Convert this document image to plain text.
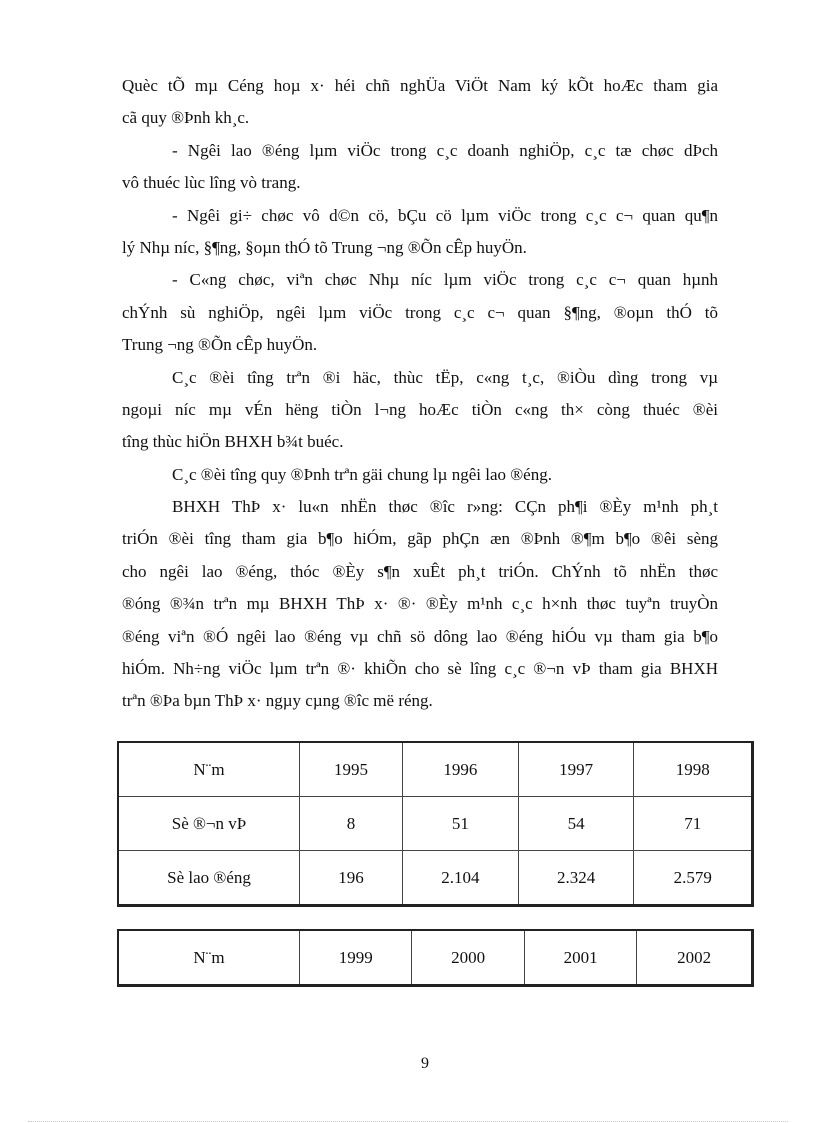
Quèc tÕ mµ Céng hoµ x· héi chñ nghÜa ViÖt Nam ký kÕt hoÆc tham gia
cã quy ®Þnh kh¸c.
- Ngêi lao ®éng lµm viÖc trong c¸c doanh nghiÖp, c¸c tæ chøc dÞch
vô thuéc lùc lîng vò trang.
- Ngêi gi÷ chøc vô d©n cö, bÇu cö lµm viÖc trong c¸c c¬ quan qu¶n
lý Nhµ níc, §¶ng, §oµn thÓ tõ Trung ¬ng ®Õn cÊp huyÖn.
- C«ng chøc, viªn chøc Nhµ níc lµm viÖc trong c¸c c¬ quan hµnh
chÝnh sù nghiÖp, ngêi lµm viÖc trong c¸c c¬ quan §¶ng, ®oµn thÓ tõ
Trung ¬ng ®Õn cÊp huyÖn.
C¸c ®èi tîng trªn ®i häc, thùc tËp, c«ng t¸c, ®iÒu dìng trong vµ
ngoµi níc mµ vÉn hëng tiÒn l¬ng hoÆc tiÒn c«ng th× còng thuéc ®èi
tîng thùc hiÖn BHXH b¾t buéc.
C¸c ®èi tîng quy ®Þnh trªn gäi chung lµ ngêi lao ®éng.
BHXH ThÞ x· lu«n nhËn thøc ®îc r»ng: CÇn ph¶i ®Èy m¹nh ph¸t
triÓn ®èi tîng tham gia b¶o hiÓm, gãp phÇn æn ®Þnh ®¶m b¶o ®êi sèng
cho ngêi lao ®éng, thóc ®Èy s¶n xuÊt ph¸t triÓn. ChÝnh tõ nhËn thøc
®óng ®¾n trªn mµ BHXH ThÞ x· ®· ®Èy m¹nh c¸c h×nh thøc tuyªn truyÒn
®éng viªn ®Ó ngêi lao ®éng vµ chñ sö dông lao ®éng hiÓu vµ tham gia b¶o
hiÓm. Nh÷ng viÖc lµm trªn ®· khiÕn cho sè lîng c¸c ®¬n vÞ tham gia BHXH
trªn ®Þa bµn ThÞ x· ngµy cµng ®îc më réng.
N¨m	1995	1996	1997	1998
Sè ®¬n vÞ	8	51	54	71
Sè lao ®éng	196	2.104	2.324	2.579
N¨m	1999	2000	2001	2002
9
